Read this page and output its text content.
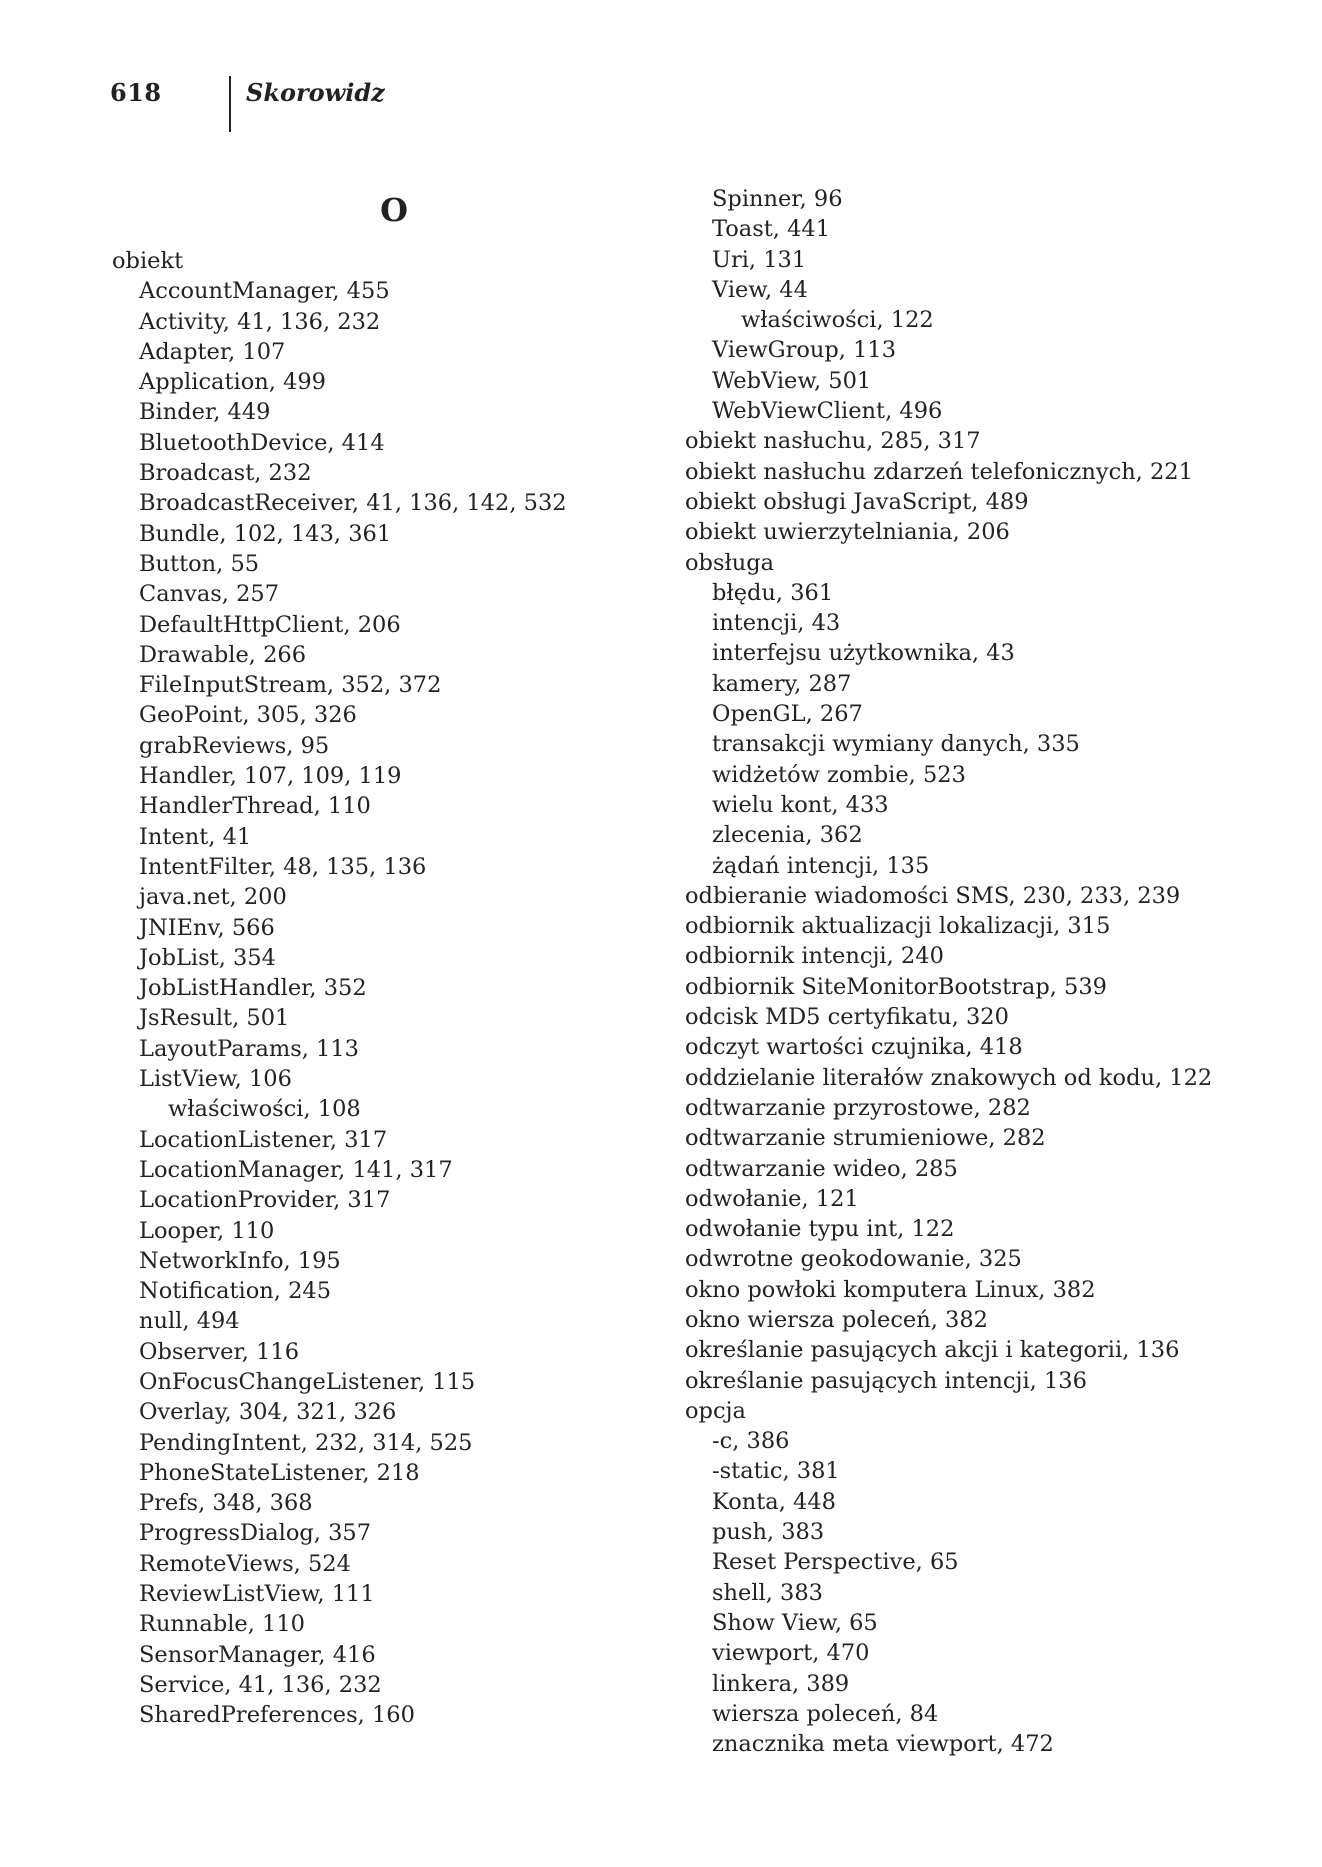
618	Skorowidz
O
obiekt
AccountManager, 455
Activity, 41, 136, 232
Adapter, 107
Application, 499
Binder, 449
BluetoothDevice, 414
Broadcast, 232
BroadcastReceiver, 41, 136, 142, 532
Bundle, 102, 143, 361
Button, 55
Canvas, 257
DefaultHttpClient, 206
Drawable, 266
FileInputStream, 352, 372
GeoPoint, 305, 326
grabReviews, 95
Handler, 107, 109, 119
HandlerThread, 110
Intent, 41
IntentFilter, 48, 135, 136
java.net, 200
JNIEnv, 566
JobList, 354
JobListHandler, 352
JsResult, 501
LayoutParams, 113
ListView, 106
właściwości, 108
LocationListener, 317
LocationManager, 141, 317
LocationProvider, 317
Looper, 110
NetworkInfo, 195
Notification, 245
null, 494
Observer, 116
OnFocusChangeListener, 115
Overlay, 304, 321, 326
PendingIntent, 232, 314, 525
PhoneStateListener, 218
Prefs, 348, 368
ProgressDialog, 357
RemoteViews, 524
ReviewListView, 111
Runnable, 110
SensorManager, 416
Service, 41, 136, 232
SharedPreferences, 160
Spinner, 96
Toast, 441
Uri, 131
View, 44
właściwości, 122
ViewGroup, 113
WebView, 501
WebViewClient, 496
obiekt nasłuchu, 285, 317
obiekt nasłuchu zdarzeń telefonicznych, 221
obiekt obsługi JavaScript, 489
obiekt uwierzytelniania, 206
obsługa
błędu, 361
intencji, 43
interfejsu użytkownika, 43
kamery, 287
OpenGL, 267
transakcji wymiany danych, 335
widżetów zombie, 523
wielu kont, 433
zlecenia, 362
żądań intencji, 135
odbieranie wiadomości SMS, 230, 233, 239
odbiornik aktualizacji lokalizacji, 315
odbiornik intencji, 240
odbiornik SiteMonitorBootstrap, 539
odcisk MD5 certyfikatu, 320
odczyt wartości czujnika, 418
oddzielanie literałów znakowych od kodu, 122
odtwarzanie przyrostowe, 282
odtwarzanie strumieniowe, 282
odtwarzanie wideo, 285
odwołanie, 121
odwołanie typu int, 122
odwrotne geokodowanie, 325
okno powłoki komputera Linux, 382
okno wiersza poleceń, 382
określanie pasujących akcji i kategorii, 136
określanie pasujących intencji, 136
opcja
-c, 386
-static, 381
Konta, 448
push, 383
Reset Perspective, 65
shell, 383
Show View, 65
viewport, 470
linkera, 389
wiersza poleceń, 84
znacznika meta viewport, 472
